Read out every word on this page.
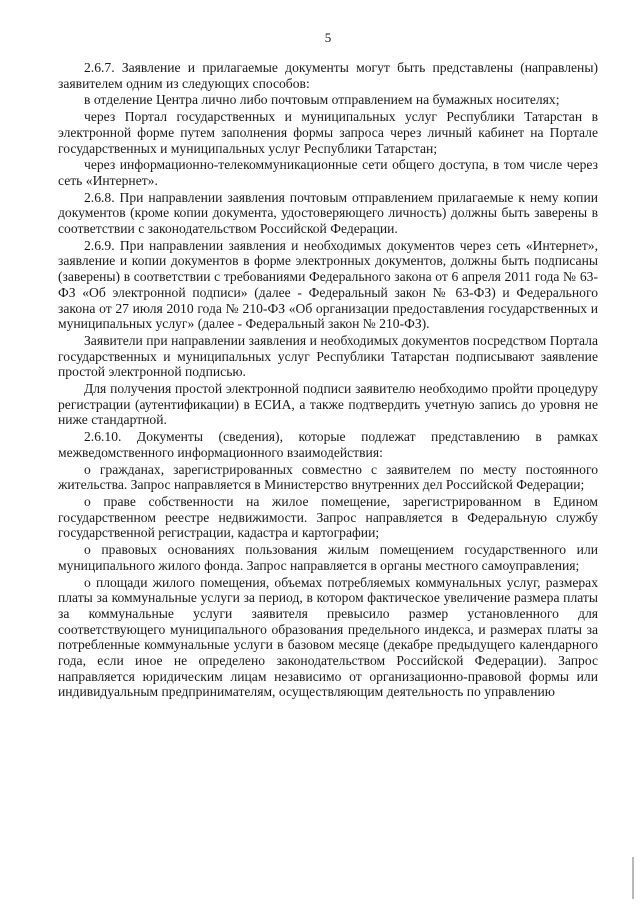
5

2.6.7. Заявление и прилагаемые документы могут быть представлены (направлены) заявителем одним из следующих способов:

в отделение Центра лично либо почтовым отправлением на бумажных носителях;

через Портал государственных и муниципальных услуг Республики Татарстан в электронной форме путем заполнения формы запроса через личный кабинет на Портале государственных и муниципальных услуг Республики Татарстан;

через информационно-телекоммуникационные сети общего доступа, в том числе через сеть «Интернет».

2.6.8. При направлении заявления почтовым отправлением прилагаемые к нему копии документов (кроме копии документа, удостоверяющего личность) должны быть заверены в соответствии с законодательством Российской Федерации.

2.6.9. При направлении заявления и необходимых документов через сеть «Интернет», заявление и копии документов в форме электронных документов, должны быть подписаны (заверены) в соответствии с требованиями Федерального закона от 6 апреля 2011 года № 63-ФЗ «Об электронной подписи» (далее - Федеральный закон № 63-ФЗ) и Федерального закона от 27 июля 2010 года № 210-ФЗ «Об организации предоставления государственных и муниципальных услуг» (далее - Федеральный закон № 210-ФЗ).

Заявители при направлении заявления и необходимых документов посредством Портала государственных и муниципальных услуг Республики Татарстан подписывают заявление простой электронной подписью.

Для получения простой электронной подписи заявителю необходимо пройти процедуру регистрации (аутентификации) в ЕСИА, а также подтвердить учетную запись до уровня не ниже стандартной.

2.6.10. Документы (сведения), которые подлежат представлению в рамках межведомственного информационного взаимодействия:

о гражданах, зарегистрированных совместно с заявителем по месту постоянного жительства. Запрос направляется в Министерство внутренних дел Российской Федерации;

о праве собственности на жилое помещение, зарегистрированном в Едином государственном реестре недвижимости. Запрос направляется в Федеральную службу государственной регистрации, кадастра и картографии;

о правовых основаниях пользования жилым помещением государственного или муниципального жилого фонда. Запрос направляется в органы местного самоуправления;

о площади жилого помещения, объемах потребляемых коммунальных услуг, размерах платы за коммунальные услуги за период, в котором фактическое увеличение размера платы за коммунальные услуги заявителя превысило размер установленного для соответствующего муниципального образования предельного индекса, и размерах платы за потребленные коммунальные услуги в базовом месяце (декабре предыдущего календарного года, если иное не определено законодательством Российской Федерации). Запрос направляется юридическим лицам независимо от организационно-правовой формы или индивидуальным предпринимателям, осуществляющим деятельность по управлению
